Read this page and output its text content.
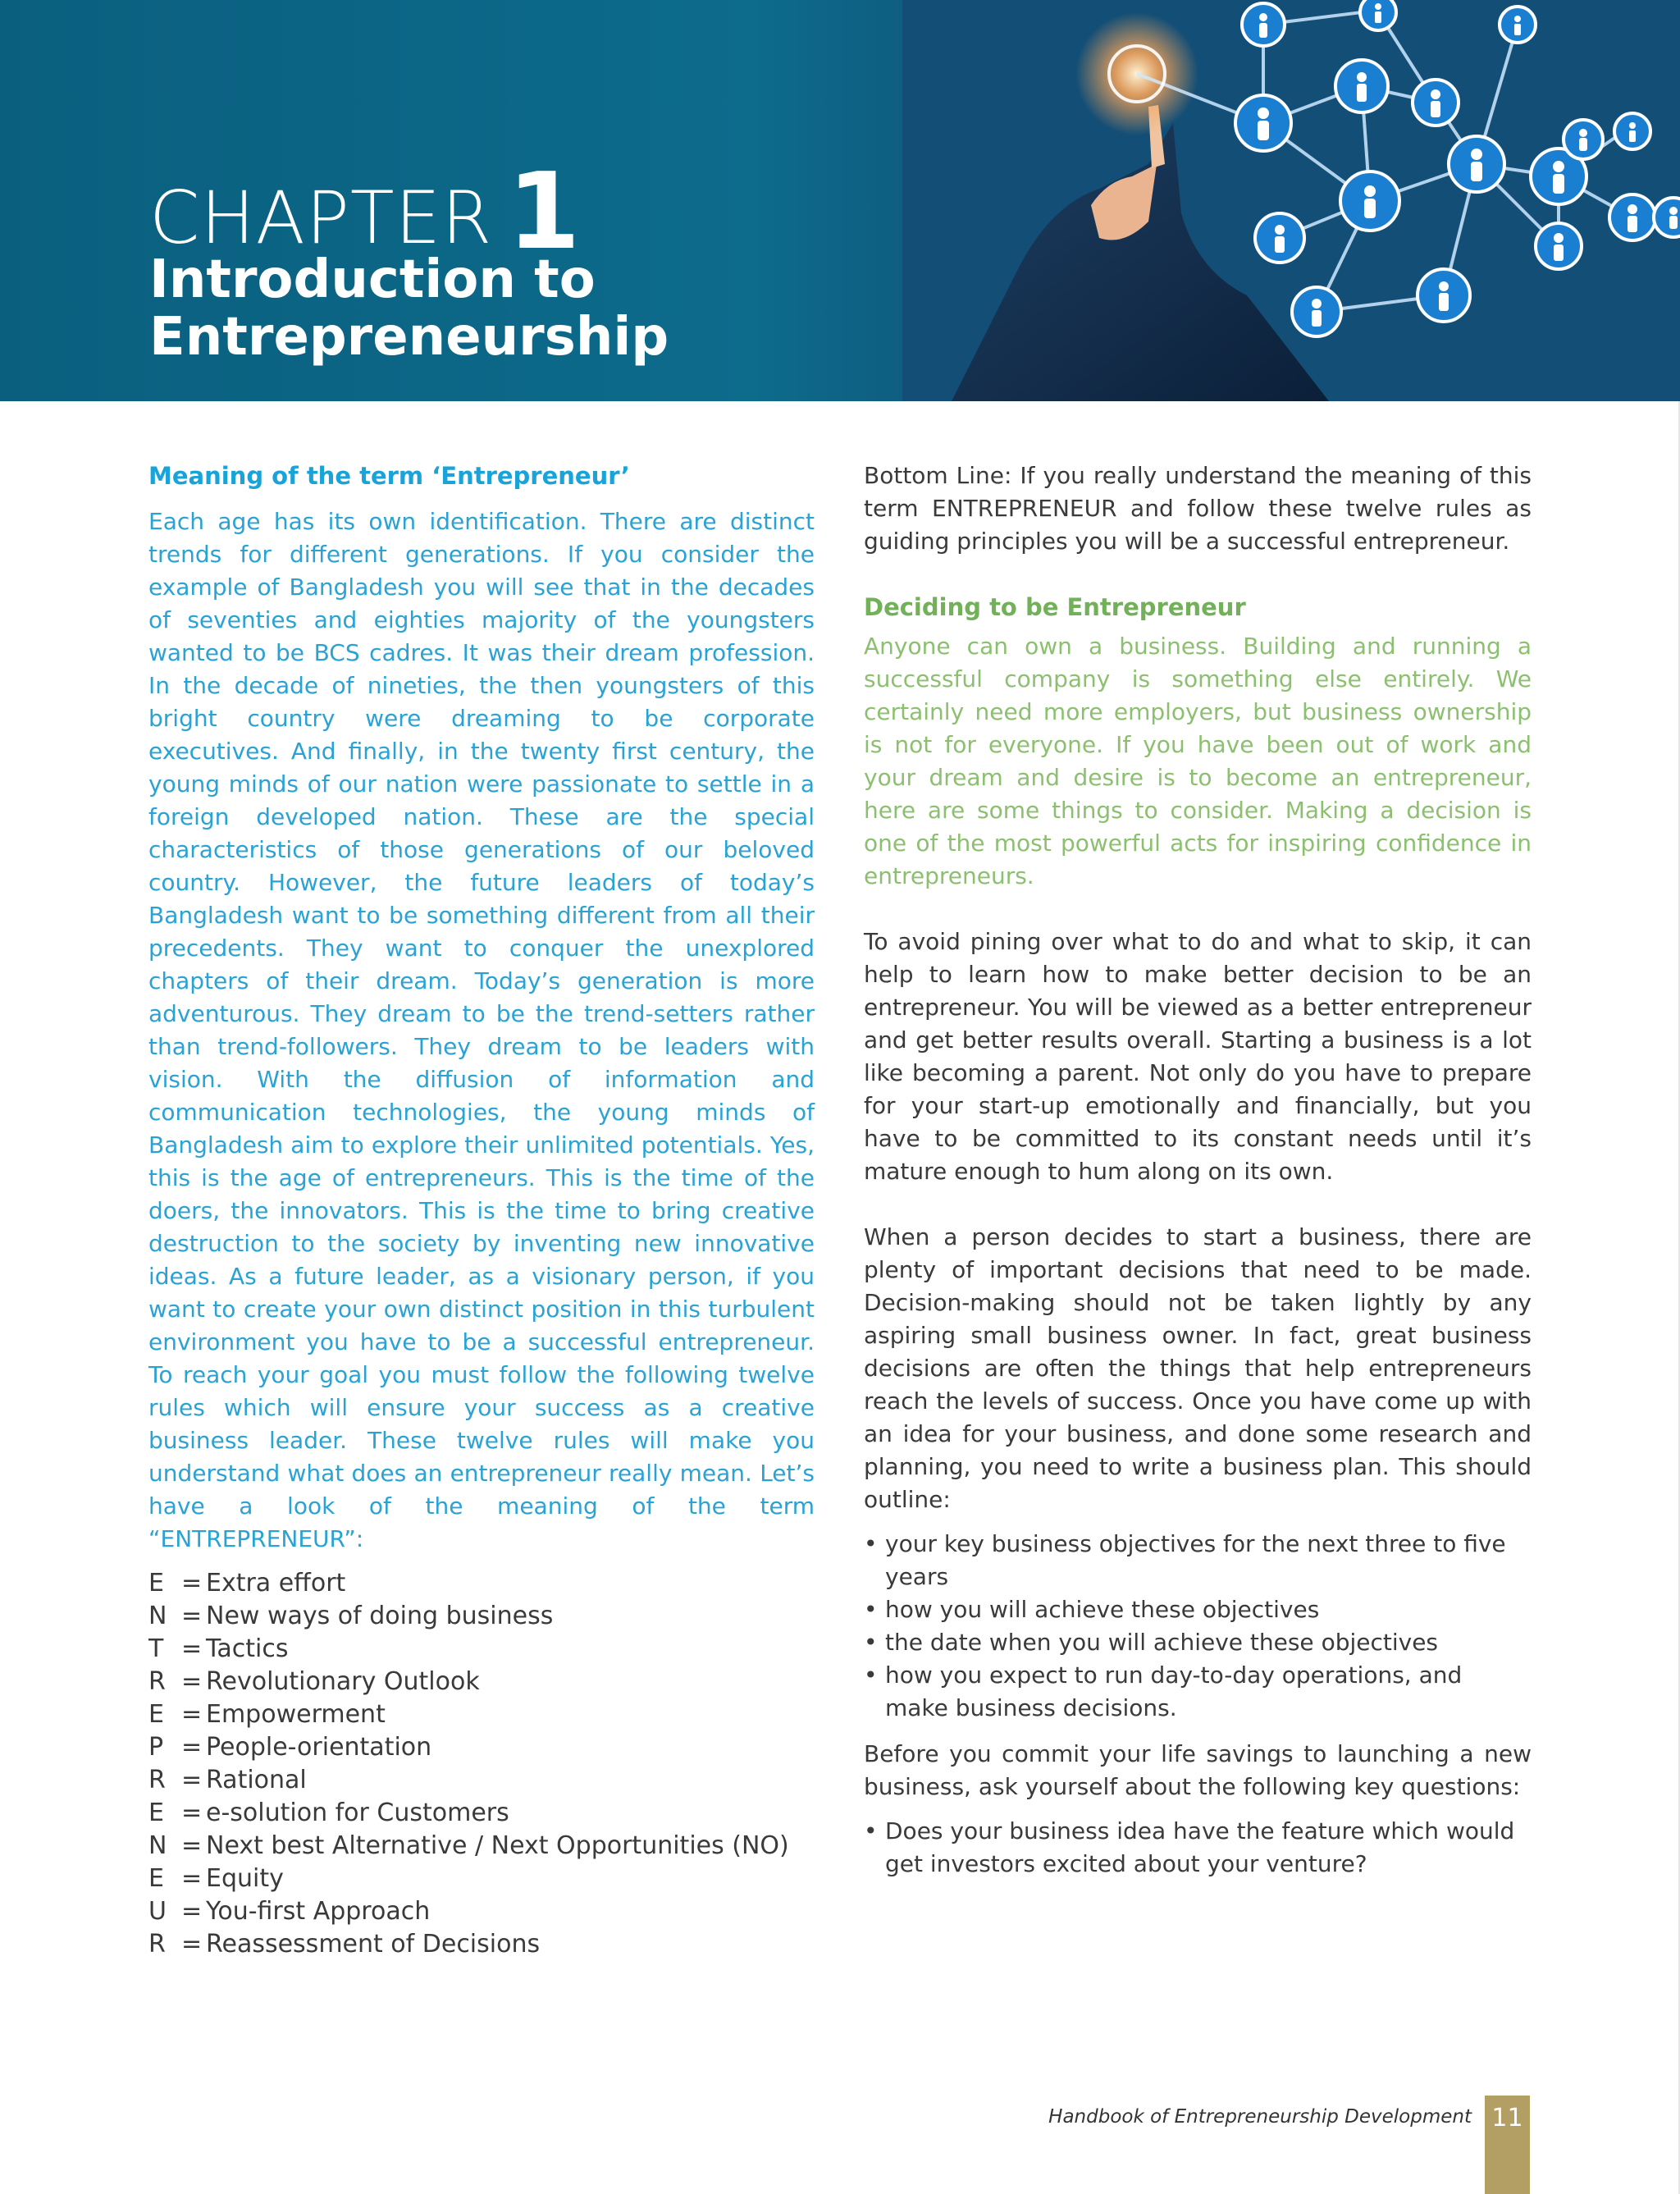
CHAPTER 1
Introduction to
Entrepreneurship
Meaning of the term ‘Entrepreneur’

Each age has its own identification. There are distinct trends for different generations. If you consider the example of Bangladesh you will see that in the decades of seventies and eighties majority of the youngsters wanted to be BCS cadres. It was their dream profession. In the decade of nineties, the then youngsters of this bright country were dreaming to be corporate executives. And finally, in the twenty first century, the young minds of our nation were passionate to settle in a foreign developed nation. These are the special characteristics of those generations of our beloved country. However, the future leaders of today’s Bangladesh want to be something different from all their precedents. They want to conquer the unexplored chapters of their dream. Today’s generation is more adventurous. They dream to be the trend-setters rather than trend-followers. They dream to be leaders with vision. With the diffusion of information and communication technologies, the young minds of Bangladesh aim to explore their unlimited potentials. Yes, this is the age of entrepreneurs. This is the time of the doers, the innovators. This is the time to bring creative destruction to the society by inventing new innovative ideas. As a future leader, as a visionary person, if you want to create your own distinct position in this turbulent environment you have to be a successful entrepreneur. To reach your goal you must follow the following twelve rules which will ensure your success as a creative business leader. These twelve rules will make you understand what does an entrepreneur really mean. Let’s have a look of the meaning of the term “ENTREPRENEUR”:

E = Extra effort
N = New ways of doing business
T = Tactics
R = Revolutionary Outlook
E = Empowerment
P = People-orientation
R = Rational
E = e-solution for Customers
N = Next best Alternative / Next Opportunities (NO)
E = Equity
U = You-first Approach
R = Reassessment of Decisions

Bottom Line: If you really understand the meaning of this term ENTREPRENEUR and follow these twelve rules as guiding principles you will be a successful entrepreneur.

Deciding to be Entrepreneur

Anyone can own a business. Building and running a successful company is something else entirely. We certainly need more employers, but business ownership is not for everyone. If you have been out of work and your dream and desire is to become an entrepreneur, here are some things to consider. Making a decision is one of the most powerful acts for inspiring confidence in entrepreneurs.

To avoid pining over what to do and what to skip, it can help to learn how to make better decision to be an entrepreneur. You will be viewed as a better entrepreneur and get better results overall. Starting a business is a lot like becoming a parent. Not only do you have to prepare for your start-up emotionally and financially, but you have to be committed to its constant needs until it’s mature enough to hum along on its own.

When a person decides to start a business, there are plenty of important decisions that need to be made. Decision-making should not be taken lightly by any aspiring small business owner. In fact, great business decisions are often the things that help entrepreneurs reach the levels of success. Once you have come up with an idea for your business, and done some research and planning, you need to write a business plan. This should outline:

• your key business objectives for the next three to five years
• how you will achieve these objectives
• the date when you will achieve these objectives
• how you expect to run day-to-day operations, and make business decisions.

Before you commit your life savings to launching a new business, ask yourself about the following key questions:

• Does your business idea have the feature which would get investors excited about your venture?
Handbook of Entrepreneurship Development 11
